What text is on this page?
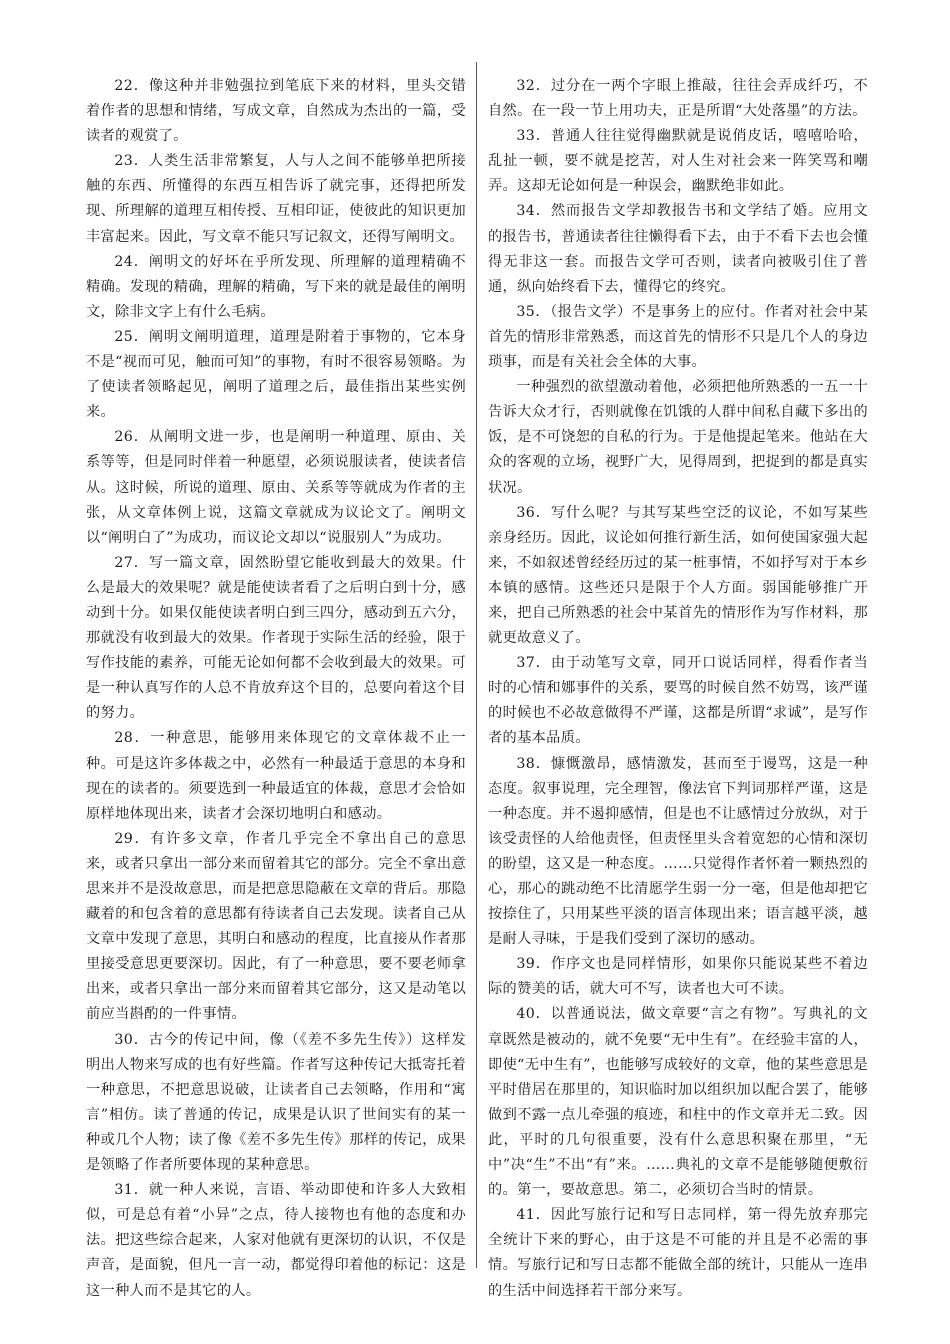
22．像这种并非勉强拉到笔底下来的材料，里头交错着作者的思想和情绪，写成文章，自然成为杰出的一篇，受读者的观赏了。

23．人类生活非常繁复，人与人之间不能够单把所接触的东西、所懂得的东西互相告诉了就完事，还得把所发现、所理解的道理互相传授、互相印证，使彼此的知识更加丰富起来。因此，写文章不能只写记叙文，还得写阐明文。

24．阐明文的好坏在乎所发现、所理解的道理精确不精确。发现的精确，理解的精确，写下来的就是最佳的阐明文，除非文字上有什么毛病。

25．阐明文阐明道理，道理是附着于事物的，它本身不是“视而可见，触而可知”的事物，有时不很容易领略。为了使读者领略起见，阐明了道理之后，最佳指出某些实例来。

26．从阐明文进一步，也是阐明一种道理、原由、关系等等，但是同时伴着一种愿望，必须说服读者，使读者信从。这时候，所说的道理、原由、关系等等就成为作者的主张，从文章体例上说，这篇文章就成为议论文了。阐明文以“阐明白了”为成功，而议论文却以“说服别人”为成功。

27．写一篇文章，固然盼望它能收到最大的效果。什么是最大的效果呢？就是能使读者看了之后明白到十分，感动到十分。如果仅能使读者明白到三四分，感动到五六分，那就没有收到最大的效果。作者现于实际生活的经验，限于写作技能的素养，可能无论如何都不会收到最大的效果。可是一种认真写作的人总不肯放弃这个目的，总要向着这个目的努力。

28．一种意思，能够用来体现它的文章体裁不止一种。可是这许多体裁之中，必然有一种最适于意思的本身和现在的读者的。须要选到一种最适宜的体裁，意思才会恰如原样地体现出来，读者才会深切地明白和感动。

29．有许多文章，作者几乎完全不拿出自己的意思来，或者只拿出一部分来而留着其它的部分。完全不拿出意思来并不是没故意思，而是把意思隐蔽在文章的背后。那隐藏着的和包含着的意思都有待读者自己去发现。读者自己从文章中发现了意思，其明白和感动的程度，比直接从作者那里接受意思更要深切。因此，有了一种意思，要不要老师拿出来，或者只拿出一部分来而留着其它部分，这又是动笔以前应当斟酌的一件事情。

30．古今的传记中间，像（《差不多先生传》）这样发明出人物来写成的也有好些篇。作者写这种传记大抵寄托着一种意思，不把意思说破，让读者自己去领略，作用和“寓言”相仿。读了普通的传记，成果是认识了世间实有的某一种或几个人物；读了像《差不多先生传》那样的传记，成果是领略了作者所要体现的某种意思。

31．就一种人来说，言语、举动即使和许多人大致相似，可是总有着“小异”之点，待人接物也有他的态度和办法。把这些综合起来，人家对他就有更深切的认识，不仅是声音，是面貌，但凡一言一动，都觉得印着他的标记：这是这一种人而不是其它的人。

32．过分在一两个字眼上推敲，往往会弄成纤巧，不自然。在一段一节上用功夫，正是所谓“大处落墨”的方法。

33．普通人往往觉得幽默就是说俏皮话，嘻嘻哈哈，乱扯一顿，要不就是挖苦，对人生对社会来一阵笑骂和嘲弄。这却无论如何是一种误会，幽默绝非如此。

34．然而报告文学却教报告书和文学结了婚。应用文的报告书，普通读者往往懒得看下去，由于不看下去也会懂得无非这一套。而报告文学可否则，读者向被吸引住了普通，纵向始终看下去，懂得它的终究。

35．（报告文学）不是事务上的应付。作者对社会中某首先的情形非常熟悉，而这首先的情形不只是几个人的身边琐事，而是有关社会全体的大事。

一种强烈的欲望激动着他，必须把他所熟悉的一五一十告诉大众才行，否则就像在饥饿的人群中间私自藏下多出的饭，是不可饶恕的自私的行为。于是他提起笔来。他站在大众的客观的立场，视野广大，见得周到，把捉到的都是真实状况。

36．写什么呢？与其写某些空泛的议论，不如写某些亲身经历。因此，议论如何推行新生活，如何使国家强大起来，不如叙述曾经经历过的某一桩事情，不如抒写对于本乡本镇的感情。这些还只是限于个人方面。弱国能够推广开来，把自己所熟悉的社会中某首先的情形作为写作材料，那就更故意义了。

37．由于动笔写文章，同开口说话同样，得看作者当时的心情和娜事件的关系，要骂的时候自然不妨骂，该严谨的时候也不必故意做得不严谨，这都是所谓“求诚”，是写作者的基本品质。

38．慷慨激昂，感情激发，甚而至于谩骂，这是一种态度。叙事说理，完全理智，像法官下判词那样严谨，这是一种态度。并不遏抑感情，但是也不让感情过分放纵，对于该受责怪的人给他责怪，但责怪里头含着宽恕的心情和深切的盼望，这又是一种态度。……只觉得作者怀着一颗热烈的心，那心的跳动绝不比清愿学生弱一分一毫，但是他却把它按捺住了，只用某些平淡的语言体现出来；语言越平淡，越是耐人寻味，于是我们受到了深切的感动。

39．作序文也是同样情形，如果你只能说某些不着边际的赞美的话，就大可不写，读者也大可不读。

40．以普通说法，做文章要“言之有物”。写典礼的文章既然是被动的，就不免要“无中生有”。在经验丰富的人，即使“无中生有”，也能够写成较好的文章，他的某些意思是平时借居在那里的，知识临时加以组织加以配合罢了，能够做到不露一点儿牵强的痕迹，和柱中的作文章并无二致。因此，平时的几句很重要，没有什么意思积聚在那里，“无中”决“生”不出“有”来。……典礼的文章不是能够随便敷衍的。第一，要故意思。第二，必须切合当时的情景。

41．因此写旅行记和写日志同样，第一得先放弃那完全统计下来的野心，由于这是不可能的并且是不必需的事情。写旅行记和写日志都不能做全部的统计，只能从一连串的生活中间选择若干部分来写。
